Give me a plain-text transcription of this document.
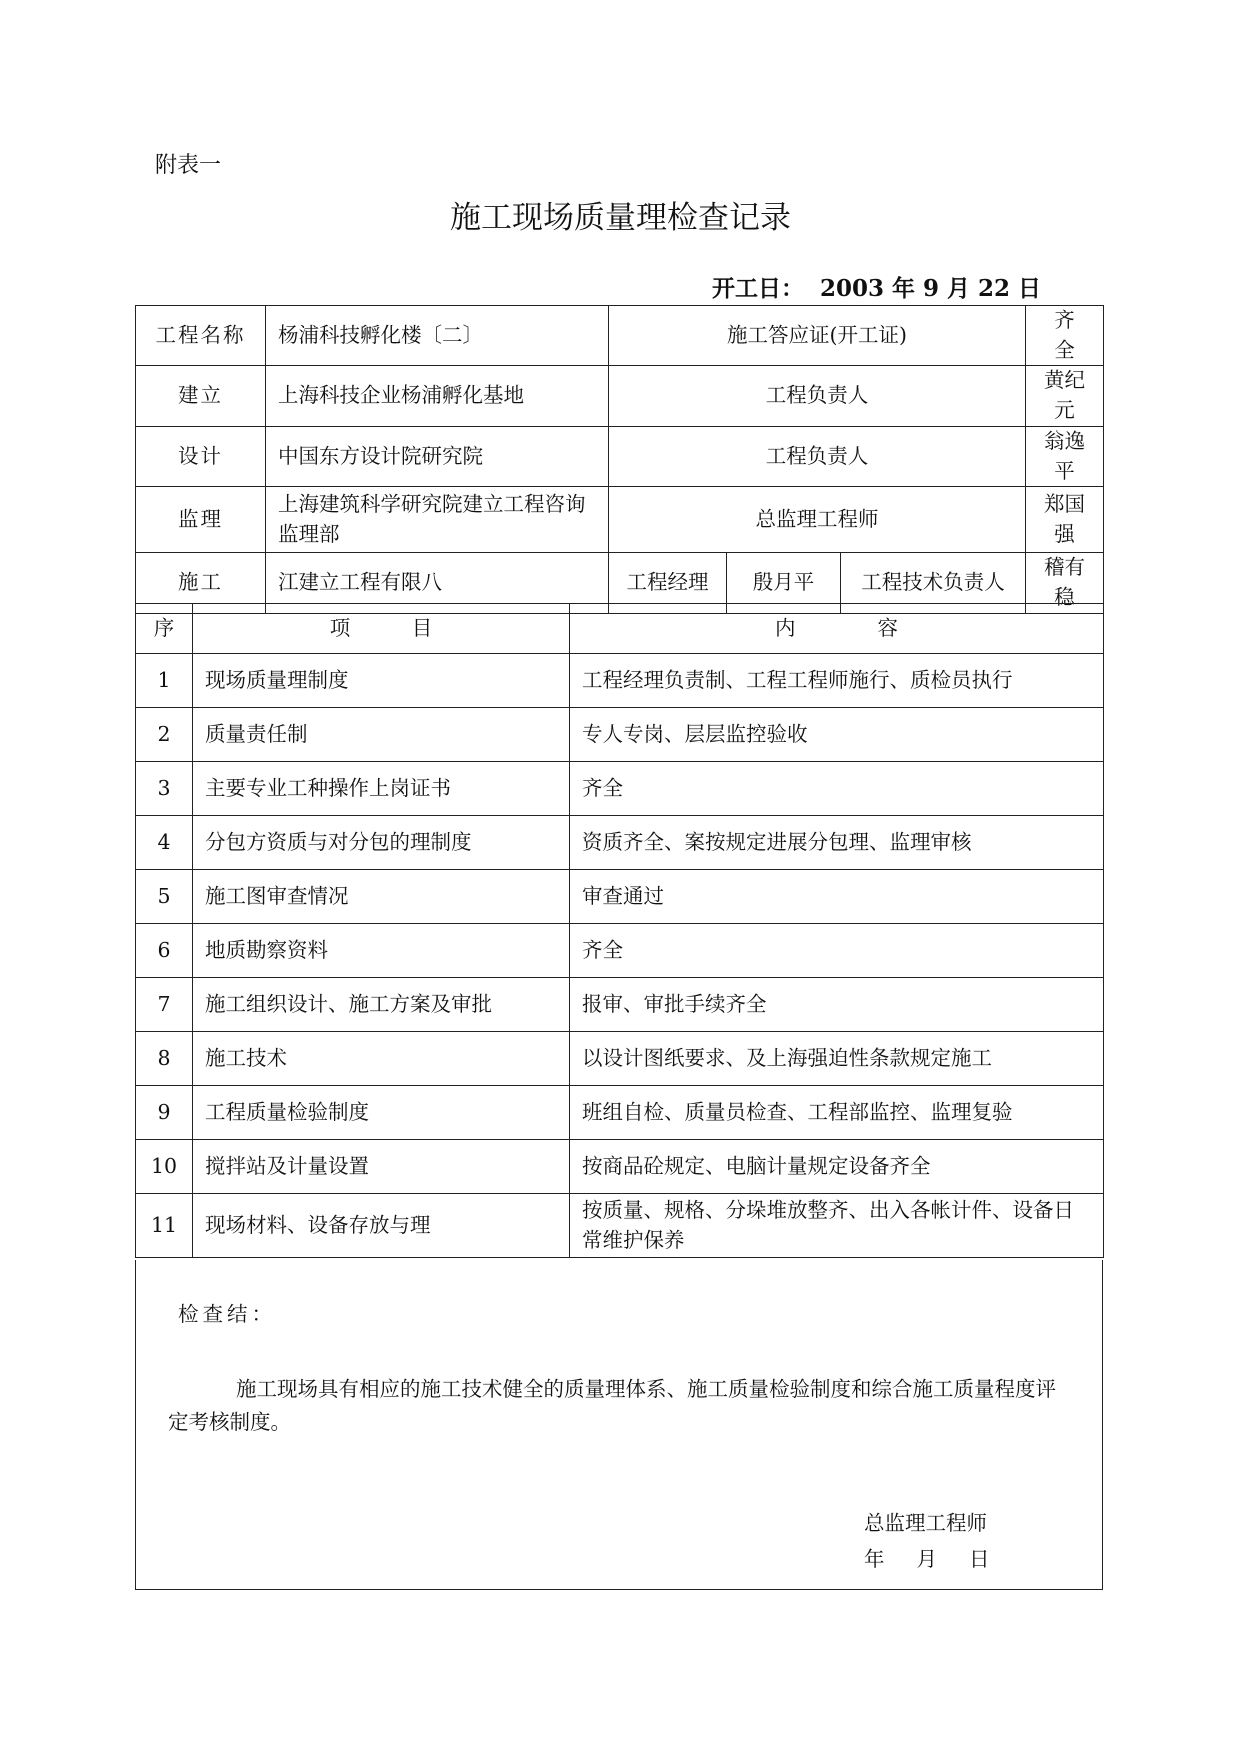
附表一
施工现场质量理检查记录
开工日： 2003 年 9 月 22 日
工程名称	杨浦科技孵化楼〔二〕	施工答应证(开工证)			齐　全
建立	上海科技企业杨浦孵化基地	工程负责人			黄纪元
设计	中国东方设计院研究院	工程负责人			翁逸平
监理	上海建筑科学研究院建立工程咨询监理部	总监理工程师			郑国强
施工	江建立工程有限八	工程经理	殷月平	工程技术负责人	稽有稳
序	项　　　目	内　　　　容
1	现场质量理制度	工程经理负责制、工程工程师施行、质检员执行
2	质量责任制	专人专岗、层层监控验收
3	主要专业工种操作上岗证书	齐全
4	分包方资质与对分包的理制度	资质齐全、案按规定进展分包理、监理审核
5	施工图审查情况	审查通过
6	地质勘察资料	齐全
7	施工组织设计、施工方案及审批	报审、审批手续齐全
8	施工技术	以设计图纸要求、及上海强迫性条款规定施工
9	工程质量检验制度	班组自检、质量员检查、工程部监控、监理复验
10	搅拌站及计量设置	按商品砼规定、电脑计量规定设备齐全
11	现场材料、设备存放与理	按质量、规格、分垛堆放整齐、出入各帐计件、设备日常维护保养
检查结：
施工现场具有相应的施工技术健全的质量理体系、施工质量检验制度和综合施工质量程度评定考核制度。
总监理工程师
年 月 日
